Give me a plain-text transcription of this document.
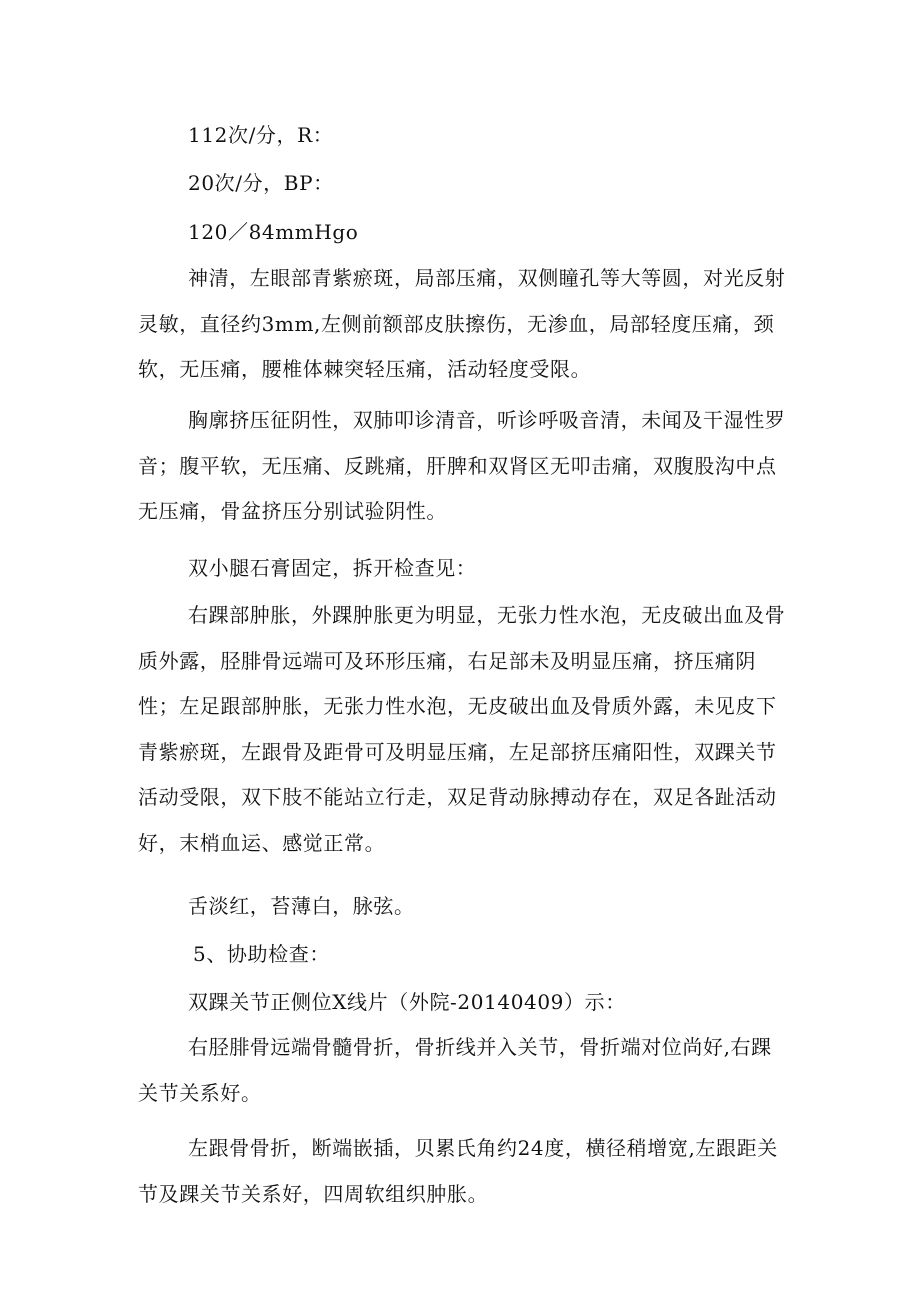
112次/分，R：

20次/分，BP：

120／84mmHgo

神清，左眼部青紫瘀斑，局部压痛，双侧瞳孔等大等圆，对光反射灵敏，直径约3mm,左侧前额部皮肤擦伤，无渗血，局部轻度压痛，颈软，无压痛，腰椎体棘突轻压痛，活动轻度受限。

胸廓挤压征阴性，双肺叩诊清音，听诊呼吸音清，未闻及干湿性罗音；腹平软，无压痛、反跳痛，肝脾和双肾区无叩击痛，双腹股沟中点无压痛，骨盆挤压分别试验阴性。

双小腿石膏固定，拆开检查见：

右踝部肿胀，外踝肿胀更为明显，无张力性水泡，无皮破出血及骨质外露，胫腓骨远端可及环形压痛，右足部未及明显压痛，挤压痛阴性；左足跟部肿胀，无张力性水泡，无皮破出血及骨质外露，未见皮下青紫瘀斑，左跟骨及距骨可及明显压痛，左足部挤压痛阳性，双踝关节活动受限，双下肢不能站立行走，双足背动脉搏动存在，双足各趾活动好，末梢血运、感觉正常。

舌淡红，苔薄白，脉弦。

5、协助检查：

双踝关节正侧位X线片（外院-20140409）示：

右胫腓骨远端骨髓骨折，骨折线并入关节，骨折端对位尚好,右踝关节关系好。

左跟骨骨折，断端嵌插，贝累氏角约24度，横径稍增宽,左跟距关节及踝关节关系好，四周软组织肿胀。
